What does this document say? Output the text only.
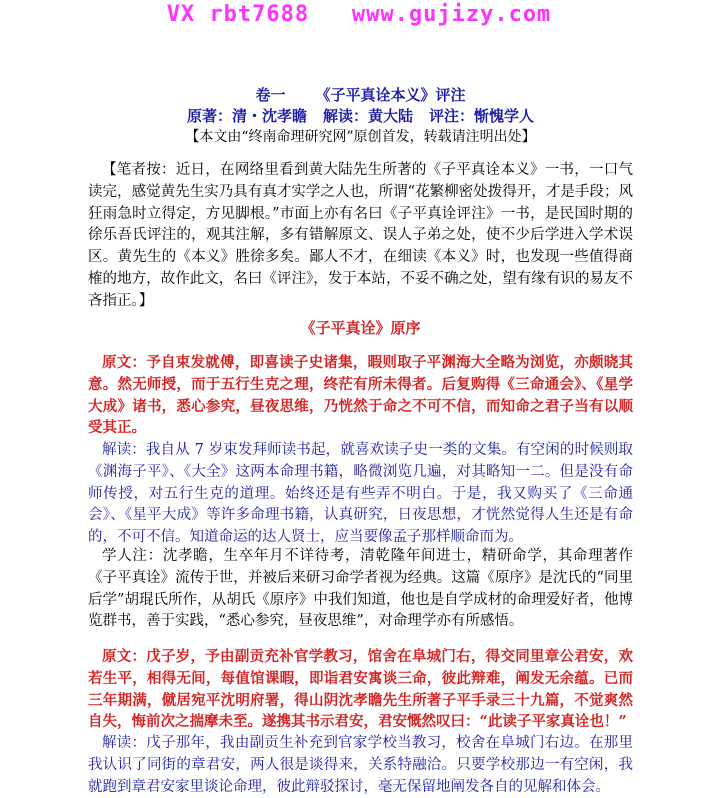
VX rbt7688   www.gujizy.com
卷一 《子平真诠本义》评注
原著：清・沈孝瞻 解读：黄大陆 评注：惭愧学人
【本文由“终南命理研究网”原创首发，转载请注明出处】
【笔者按：近日，在网络里看到黄大陆先生所著的《子平真诠本义》一书，一口气读完，感觉黄先生实乃具有真才实学之人也，所谓“花繁柳密处拨得开，才是手段；风狂雨急时立得定，方见脚根。”市面上亦有名曰《子平真诠评注》一书，是民国时期的徐乐吾氏评注的，观其注解，多有错解原文、误人子弟之处，使不少后学进入学术误区。黄先生的《本义》胜徐多矣。鄙人不才，在细读《本义》时，也发现一些值得商榷的地方，故作此文，名曰《评注》，发于本站，不妥不确之处，望有缘有识的易友不吝指正。】
《子平真诠》原序
原文：予自束发就傅，即喜读子史诸集，暇则取子平渊海大全略为浏览，亦颇晓其意。然无师授，而于五行生克之理，终茫有所未得者。后复购得《三命通会》、《星学大成》诸书，悉心参究，昼夜思维，乃恍然于命之不可不信，而知命之君子当有以顺受其正。
解读：我自从 7 岁束发拜师读书起，就喜欢读子史一类的文集。有空闲的时候则取《渊海子平》、《大全》这两本命理书籍，略微浏览几遍，对其略知一二。但是没有命师传授，对五行生克的道理。始终还是有些弄不明白。于是，我又购买了《三命通会》、《星平大成》等许多命理书籍，认真研究，日夜思想，才恍然觉得人生还是有命的，不可不信。知道命运的达人贤士，应当要像孟子那样顺命而为。
学人注：沈孝瞻，生卒年月不详待考，清乾隆年间进士，精研命学，其命理著作《子平真诠》流传于世，并被后来研习命学者视为经典。这篇《原序》是沈氏的“同里后学”胡琨氏所作，从胡氏《原序》中我们知道，他也是自学成材的命理爱好者，他博览群书，善于实践，“悉心参究，昼夜思维”，对命理学亦有所感悟。
原文：戊子岁，予由副贡充补官学教习，馆舍在阜城门右，得交同里章公君安，欢若生平，相得无间，每值馆课暇，即诣君安寓谈三命，彼此辩难，阐发无余蕴。已而三年期满，僦居宛平沈明府署，得山阴沈孝瞻先生所著子平手录三十九篇，不觉爽然自失，悔前次之揣摩未至。遂携其书示君安，君安慨然叹曰：“此读子平家真诠也！”
解读：戊子那年，我由副贡生补充到官家学校当教习，校舍在阜城门右边。在那里我认识了同街的章君安，两人很是谈得来，关系特融洽。只要学校那边一有空闲，我就跑到章君安家里谈论命理，彼此辩驳探讨，毫无保留地阐发各自的见解和体会。
